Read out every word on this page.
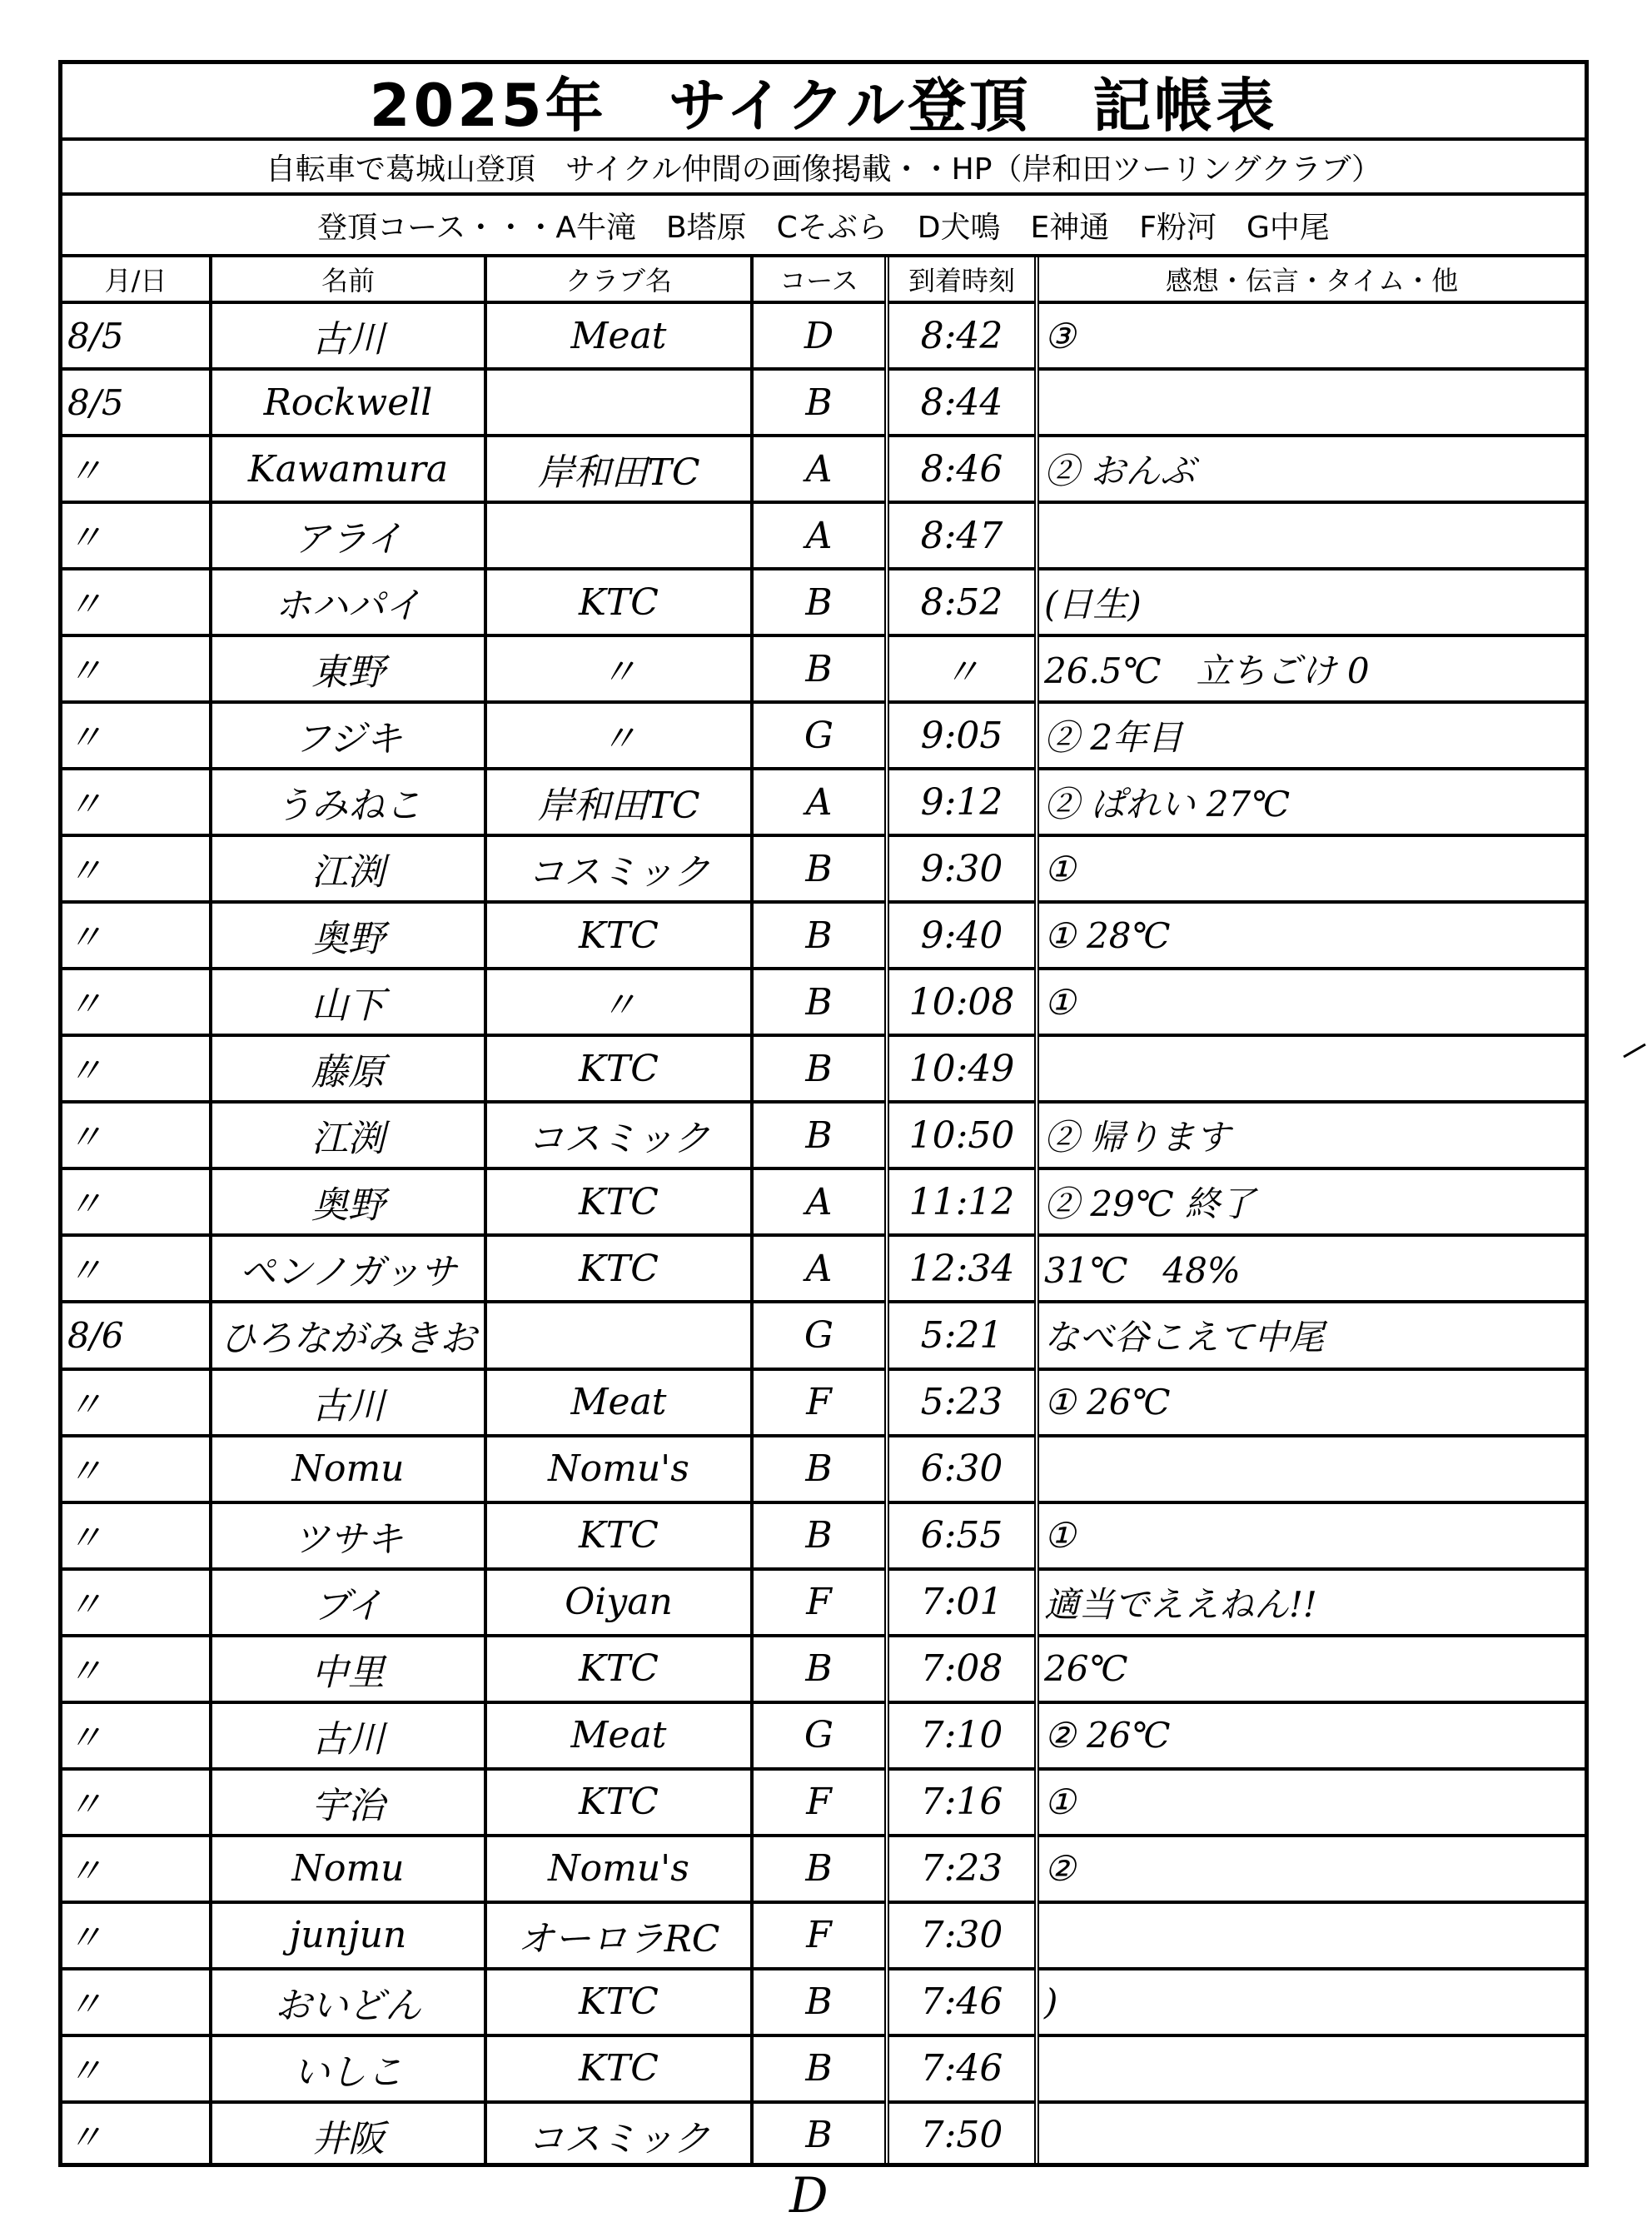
2025年　サイクル登頂　記帳表
自転車で葛城山登頂　サイクル仲間の画像掲載・・HP（岸和田ツーリングクラブ）
登頂コース・・・A牛滝　B塔原　Cそぶら　D犬鳴　E神通　F粉河　G中尾
月/日	名前	クラブ名	コース	到着時刻	感想・伝言・タイム・他
8/5	古川	Meat	D	8:42	③
8/5	Rockwell		B	8:44	
〃	Kawamura	岸和田TC	A	8:46	② おんぶ
〃	アライ		A	8:47	
〃	ホハパイ	KTC	B	8:52	(日生)
〃	東野	〃	B	〃	26.5℃　立ちごけ 0
〃	フジキ	〃	G	9:05	② 2年目
〃	うみねこ	岸和田TC	A	9:12	② ぱれい 27℃
〃	江渕	コスミック	B	9:30	①
〃	奥野	KTC	B	9:40	① 28℃
〃	山下	〃	B	10:08	①
〃	藤原	KTC	B	10:49	
〃	江渕	コスミック	B	10:50	② 帰ります
〃	奥野	KTC	A	11:12	② 29℃ 終了
〃	ペンノガッサ	KTC	A	12:34	31℃　48%
8/6	ひろながみきお		G	5:21	なべ谷こえて中尾
〃	古川	Meat	F	5:23	① 26℃
〃	Nomu	Nomu's	B	6:30	
〃	ツサキ	KTC	B	6:55	①
〃	ブイ	Oiyan	F	7:01	適当でええねん!!
〃	中里	KTC	B	7:08	26℃
〃	古川	Meat	G	7:10	② 26℃
〃	宇治	KTC	F	7:16	①
〃	Nomu	Nomu's	B	7:23	②
〃	junjun	オーロラRC	F	7:30	
〃	おいどん	KTC	B	7:46	)
〃	いしこ	KTC	B	7:46	
〃	井阪	コスミック	B	7:50	
D
